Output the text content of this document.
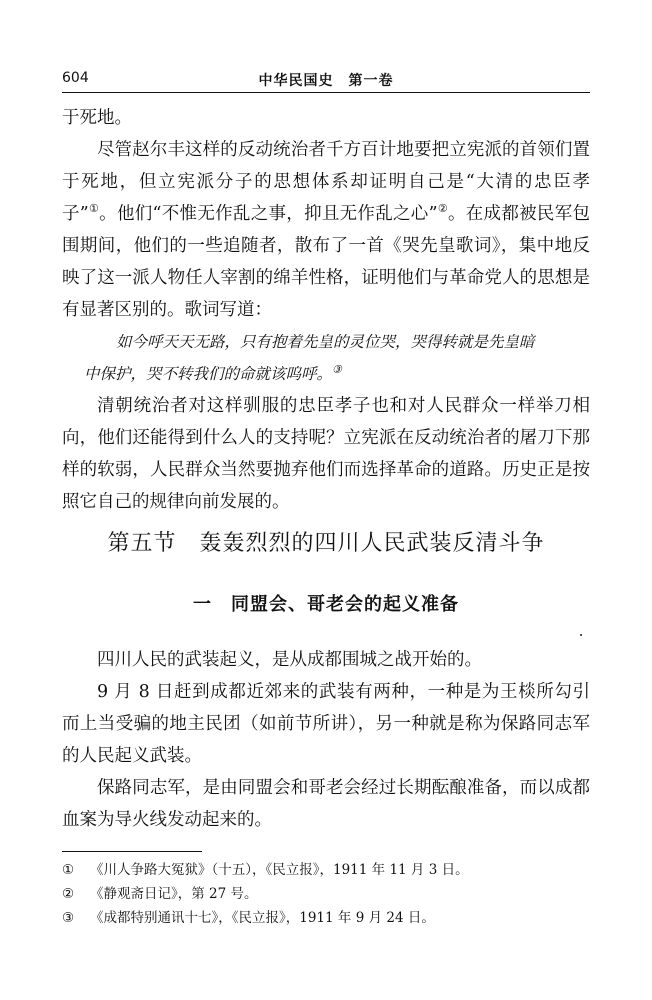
604	中华民国史　第一卷

于死地。

尽管赵尔丰这样的反动统治者千方百计地要把立宪派的首领们置于死地，但立宪派分子的思想体系却证明自己是“大清的忠臣孝子”①。他们“不惟无作乱之事，抑且无作乱之心”②。在成都被民军包围期间，他们的一些追随者，散布了一首《哭先皇歌词》，集中地反映了这一派人物任人宰割的绵羊性格，证明他们与革命党人的思想是有显著区别的。歌词写道：

如今呼天天无路，只有抱着先皇的灵位哭，哭得转就是先皇暗
中保护，哭不转我们的命就该呜呼。③

清朝统治者对这样驯服的忠臣孝子也和对人民群众一样举刀相向，他们还能得到什么人的支持呢？立宪派在反动统治者的屠刀下那样的软弱，人民群众当然要抛弃他们而选择革命的道路。历史正是按照它自己的规律向前发展的。

第五节　轰轰烈烈的四川人民武装反清斗争
一　同盟会、哥老会的起义准备

四川人民的武装起义，是从成都围城之战开始的。

9 月 8 日赶到成都近郊来的武装有两种，一种是为王棪所勾引而上当受骗的地主民团（如前节所讲），另一种就是称为保路同志军的人民起义武装。

保路同志军，是由同盟会和哥老会经过长期酝酿准备，而以成都血案为导火线发动起来的。

① 《川人争路大冤狱》（十五），《民立报》，1911 年 11 月 3 日。
② 《静观斋日记》，第 27 号。
③ 《成都特别通讯十七》，《民立报》，1911 年 9 月 24 日。
